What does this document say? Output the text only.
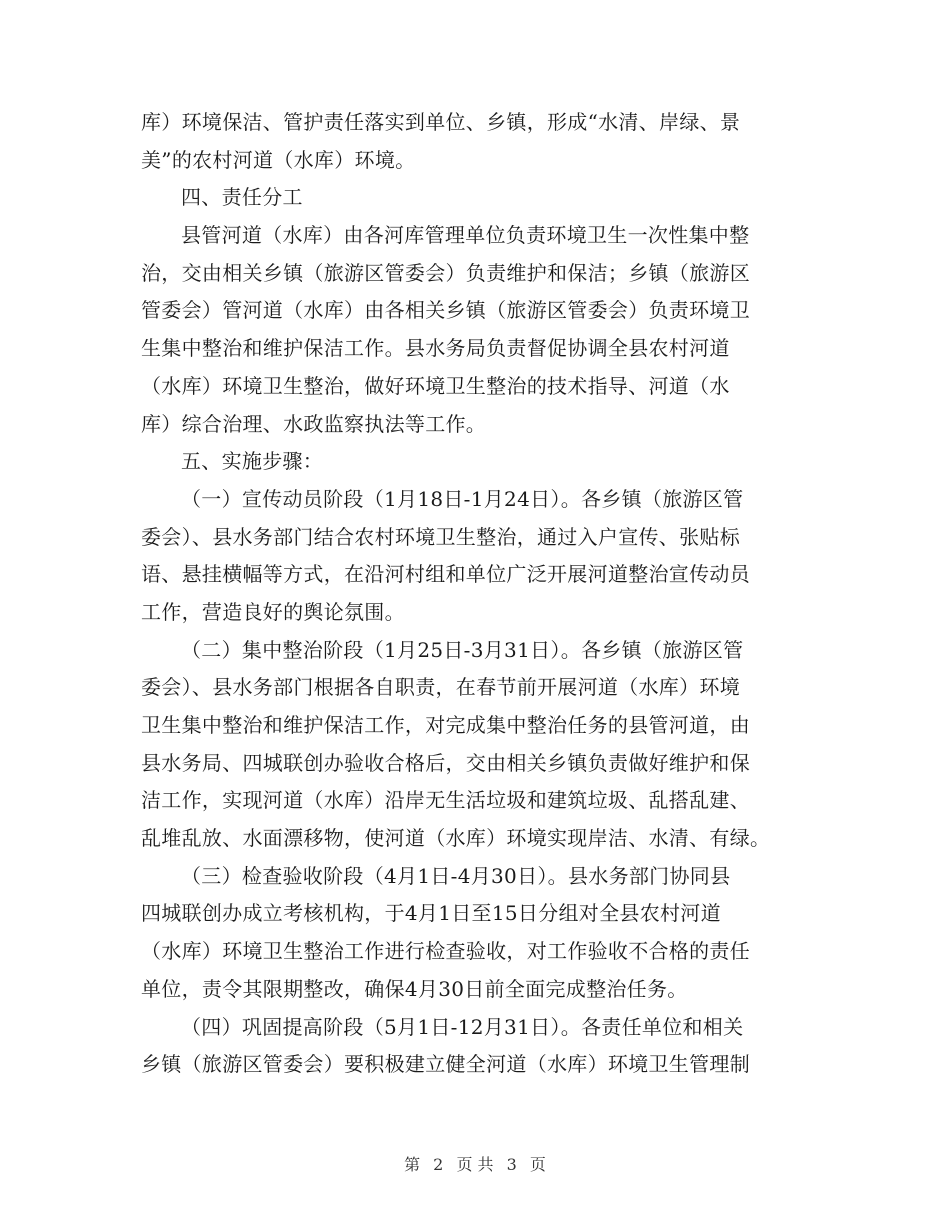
库）环境保洁、管护责任落实到单位、乡镇，形成“水清、岸绿、景
美”的农村河道（水库）环境。
四、责任分工
县管河道（水库）由各河库管理单位负责环境卫生一次性集中整
治，交由相关乡镇（旅游区管委会）负责维护和保洁；乡镇（旅游区
管委会）管河道（水库）由各相关乡镇（旅游区管委会）负责环境卫
生集中整治和维护保洁工作。县水务局负责督促协调全县农村河道
（水库）环境卫生整治，做好环境卫生整治的技术指导、河道（水
库）综合治理、水政监察执法等工作。
五、实施步骤：
（一）宣传动员阶段（1月18日-1月24日）。各乡镇（旅游区管
委会）、县水务部门结合农村环境卫生整治，通过入户宣传、张贴标
语、悬挂横幅等方式，在沿河村组和单位广泛开展河道整治宣传动员
工作，营造良好的舆论氛围。
（二）集中整治阶段（1月25日-3月31日）。各乡镇（旅游区管
委会）、县水务部门根据各自职责，在春节前开展河道（水库）环境
卫生集中整治和维护保洁工作，对完成集中整治任务的县管河道，由
县水务局、四城联创办验收合格后，交由相关乡镇负责做好维护和保
洁工作，实现河道（水库）沿岸无生活垃圾和建筑垃圾、乱搭乱建、
乱堆乱放、水面漂移物，使河道（水库）环境实现岸洁、水清、有绿。
（三）检查验收阶段（4月1日-4月30日）。县水务部门协同县
四城联创办成立考核机构，于4月1日至15日分组对全县农村河道
（水库）环境卫生整治工作进行检查验收，对工作验收不合格的责任
单位，责令其限期整改，确保4月30日前全面完成整治任务。
（四）巩固提高阶段（5月1日-12月31日）。各责任单位和相关
乡镇（旅游区管委会）要积极建立健全河道（水库）环境卫生管理制
第 2 页 共 3 页
